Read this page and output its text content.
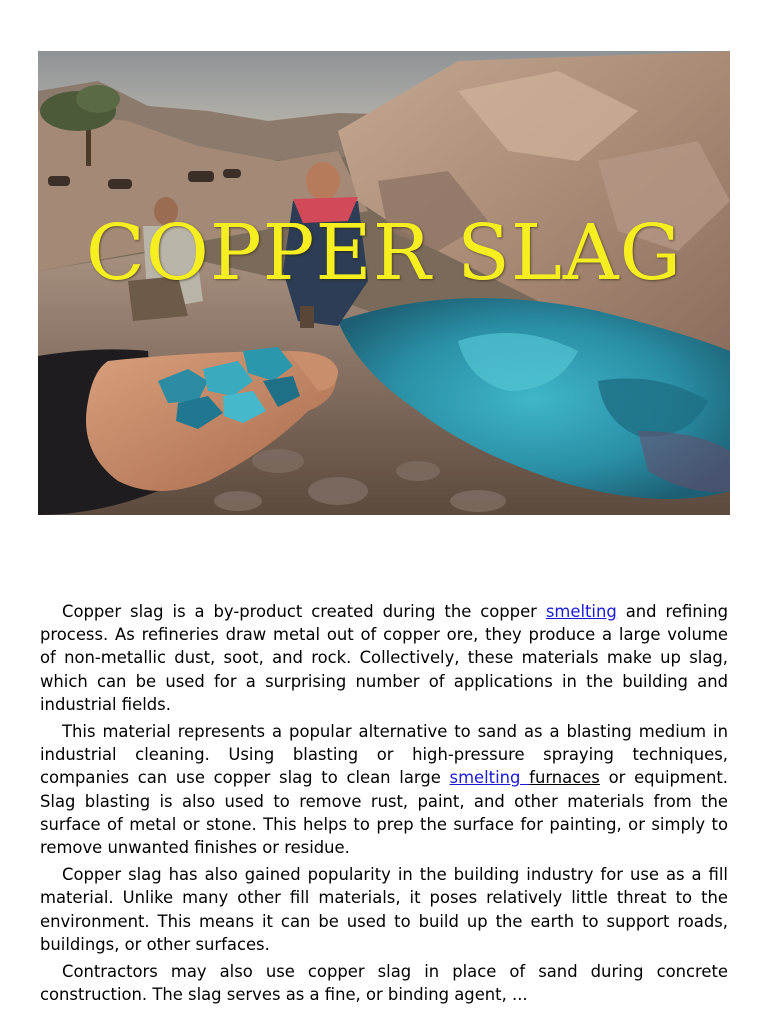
COPPER SLAG

Copper slag is a by-product created during the copper smelting and refining process. As refineries draw metal out of copper ore, they produce a large volume of non-metallic dust, soot, and rock. Collectively, these materials make up slag, which can be used for a surprising number of applications in the building and industrial fields.

This material represents a popular alternative to sand as a blasting medium in industrial cleaning. Using blasting or high-pressure spraying techniques, companies can use copper slag to clean large smelting furnaces or equipment. Slag blasting is also used to remove rust, paint, and other materials from the surface of metal or stone. This helps to prep the surface for painting, or simply to remove unwanted finishes or residue.

Copper slag has also gained popularity in the building industry for use as a fill material. Unlike many other fill materials, it poses relatively little threat to the environment. This means it can be used to build up the earth to support roads, buildings, or other surfaces.

Contractors may also use copper slag in place of sand during concrete construction. The slag serves as a fine, or binding agent, ...
